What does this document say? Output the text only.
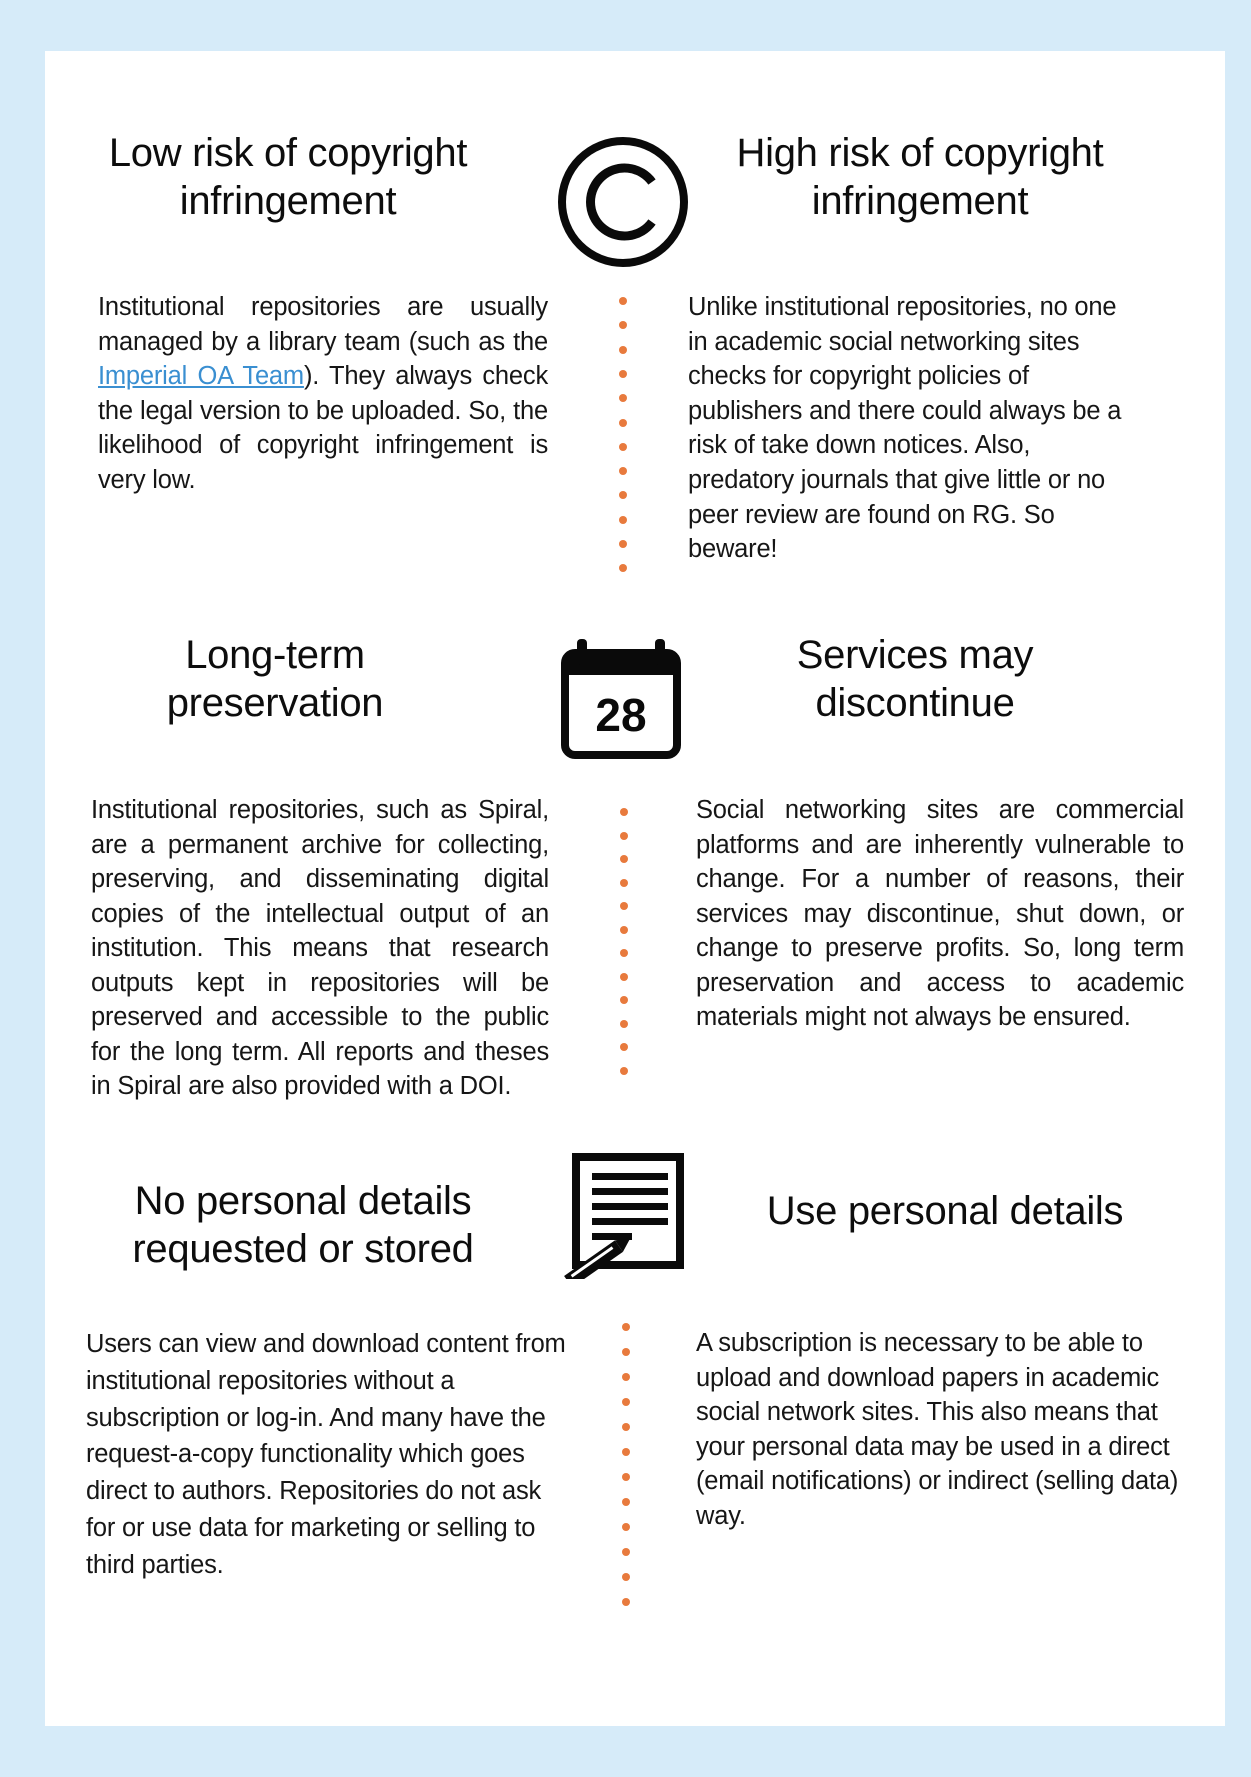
Low risk of copyright
infringement
High risk of copyright
infringement
Institutional repositories are usually managed by a library team (such as the Imperial OA Team). They always check the legal version to be uploaded. So, the likelihood of copyright infringement is very low.
Unlike institutional repositories, no one in academic social networking sites checks for copyright policies of publishers and there could always be a risk of take down notices. Also, predatory journals that give little or no peer review are found on RG. So beware!
Long-term
preservation	28
Services may
discontinue
Institutional repositories, such as Spiral, are a permanent archive for collecting, preserving, and disseminating digital copies of the intellectual output of an institution. This means that research outputs kept in repositories will be preserved and accessible to the public for the long term. All reports and theses in Spiral are also provided with a DOI.
Social networking sites are commercial platforms and are inherently vulnerable to change. For a number of reasons, their services may discontinue, shut down, or change to preserve profits. So, long term preservation and access to academic materials might not always be ensured.
No personal details
requested or stored
Use personal details
Users can view and download content from institutional repositories without a subscription or log-in. And many have the request-a-copy functionality which goes direct to authors. Repositories do not ask for or use data for marketing or selling to third parties.
A subscription is necessary to be able to upload and download papers in academic social network sites. This also means that your personal data may be used in a direct (email notifications) or indirect (selling data) way.
